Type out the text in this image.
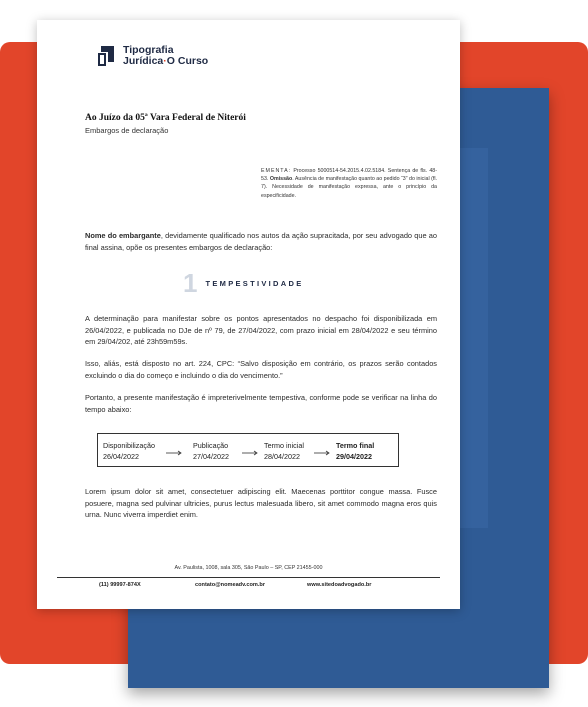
Tipografia
Jurídica·O Curso
Ao Juízo da 05ª Vara Federal de Niterói
Embargos de declaração
EMENTA: Processo 5000514-54.2015.4.02.5184. Sentença de fls. 48-53. Omissão. Ausência de manifestação quanto ao pedido “3” do inicial (fl. 7). Necessidade de manifestação expressa, ante o princípio da especificidade.
Nome do embargante, devidamente qualificado nos autos da ação supracitada, por seu advogado que ao final assina, opõe os presentes embargos de declaração:
1 TEMPESTIVIDADE
A determinação para manifestar sobre os pontos apresentados no despacho foi disponibilizada em 26/04/2022, e publicada no DJe de nº 79, de 27/04/2022, com prazo inicial em 28/04/2022 e seu término em 29/04/202, até 23h59m59s.
Isso, aliás, está disposto no art. 224, CPC: “Salvo disposição em contrário, os prazos serão contados excluindo o dia do começo e incluindo o dia do vencimento.”
Portanto, a presente manifestação é impreterivelmente tempestiva, conforme pode se verificar na linha do tempo abaixo:
Disponibilização
26/04/2022
Publicação
27/04/2022
Termo inicial
28/04/2022
Termo final
29/04/2022
Lorem ipsum dolor sit amet, consectetuer adipiscing elit. Maecenas porttitor congue massa. Fusce posuere, magna sed pulvinar ultricies, purus lectus malesuada libero, sit amet commodo magna eros quis urna. Nunc viverra imperdiet enim.
Av. Paulista, 1008, sala 305, São Paulo – SP, CEP 21455-000
(11) 99997-874X	contato@nomeadv.com.br	www.sitedoadvogado.br
